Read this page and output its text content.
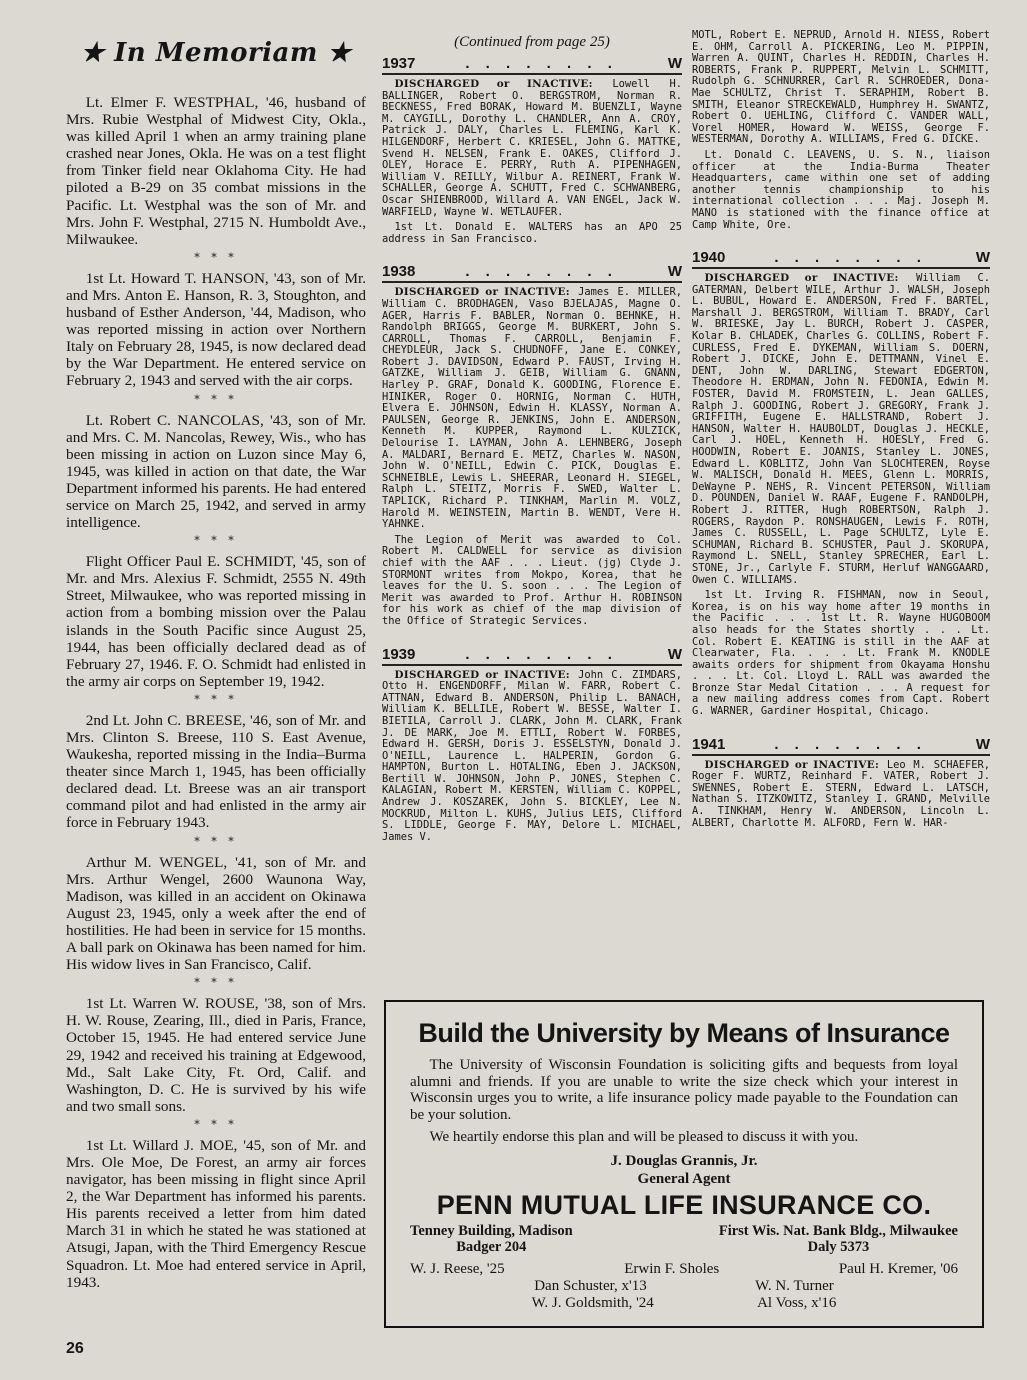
★ In Memoriam ★

Lt. Elmer F. WESTPHAL, '46, husband of Mrs. Rubie Westphal of Midwest City, Okla., was killed April 1 when an army training plane crashed near Jones, Okla. He was on a test flight from Tinker field near Oklahoma City. He had piloted a B-29 on 35 combat missions in the Pacific. Lt. Westphal was the son of Mr. and Mrs. John F. Westphal, 2715 N. Humboldt Ave., Milwaukee.

* * *

1st Lt. Howard T. HANSON, '43, son of Mr. and Mrs. Anton E. Hanson, R. 3, Stoughton, and husband of Esther Anderson, '44, Madison, who was reported missing in action over Northern Italy on February 28, 1945, is now declared dead by the War Department. He entered service on February 2, 1943 and served with the air corps.

* * *

Lt. Robert C. NANCOLAS, '43, son of Mr. and Mrs. C. M. Nancolas, Rewey, Wis., who has been missing in action on Luzon since May 6, 1945, was killed in action on that date, the War Department informed his parents. He had entered service on March 25, 1942, and served in army intelligence.

* * *

Flight Officer Paul E. SCHMIDT, '45, son of Mr. and Mrs. Alexius F. Schmidt, 2555 N. 49th Street, Milwaukee, who was reported missing in action from a bombing mission over the Palau islands in the South Pacific since August 25, 1944, has been officially declared dead as of February 27, 1946. F. O. Schmidt had enlisted in the army air corps on September 19, 1942.

* * *

2nd Lt. John C. BREESE, '46, son of Mr. and Mrs. Clinton S. Breese, 110 S. East Avenue, Waukesha, reported missing in the India–Burma theater since March 1, 1945, has been officially declared dead. Lt. Breese was an air transport command pilot and had enlisted in the army air force in February 1943.

* * *

Arthur M. WENGEL, '41, son of Mr. and Mrs. Arthur Wengel, 2600 Waunona Way, Madison, was killed in an accident on Okinawa August 23, 1945, only a week after the end of hostilities. He had been in service for 15 months. A ball park on Okinawa has been named for him. His widow lives in San Francisco, Calif.

* * *

1st Lt. Warren W. ROUSE, '38, son of Mrs. H. W. Rouse, Zearing, Ill., died in Paris, France, October 15, 1945. He had entered service June 29, 1942 and received his training at Edgewood, Md., Salt Lake City, Ft. Ord, Calif. and Washington, D. C. He is survived by his wife and two small sons.

* * *

1st Lt. Willard J. MOE, '45, son of Mr. and Mrs. Ole Moe, De Forest, an army air forces navigator, has been missing in flight since April 2, the War Department has informed his parents. His parents received a letter from him dated March 31 in which he stated he was stationed at Atsugi, Japan, with the Third Emergency Rescue Squadron. Lt. Moe had entered service in April, 1943.

(Continued from page 25)
1937	. . . . . . . .	W

DISCHARGED or INACTIVE: Lowell H. BALLINGER, Robert O. BERGSTROM, Norman R. BECKNESS, Fred BORAK, Howard M. BUENZLI, Wayne M. CAYGILL, Dorothy L. CHANDLER, Ann A. CROY, Patrick J. DALY, Charles L. FLEMING, Karl K. HILGENDORF, Herbert C. KRIESEL, John G. MATTKE, Svend H. NELSEN, Frank E. OAKES, Clifford J. OLEY, Horace E. PERRY, Ruth A. PIPENHAGEN, William V. REILLY, Wilbur A. REINERT, Frank W. SCHALLER, George A. SCHUTT, Fred C. SCHWANBERG, Oscar SHIENBROOD, Willard A. VAN ENGEL, Jack W. WARFIELD, Wayne W. WETLAUFER.

1st Lt. Donald E. WALTERS has an APO 25 address in San Francisco.

1938	. . . . . . . .	W

DISCHARGED or INACTIVE: James E. MILLER, William C. BRODHAGEN, Vaso BJELAJAS, Magne O. AGER, Harris F. BABLER, Norman O. BEHNKE, H. Randolph BRIGGS, George M. BURKERT, John S. CARROLL, Thomas F. CARROLL, Benjamin F. CHEYDLEUR, Jack S. CHUDNOFF, Jane E. CONKEY, Robert J. DAVIDSON, Edward P. FAUST, Irving H. GATZKE, William J. GEIB, William G. GNANN, Harley P. GRAF, Donald K. GOODING, Florence E. HINIKER, Roger O. HORNIG, Norman C. HUTH, Elvera E. JOHNSON, Edwin H. KLASSY, Norman A. PAULSEN, George R. JENKINS, John E. ANDERSON, Kenneth M. KUPPER, Raymond L. KULZICK, Delourise I. LAYMAN, John A. LEHNBERG, Joseph A. MALDARI, Bernard E. METZ, Charles W. NASON, John W. O'NEILL, Edwin C. PICK, Douglas E. SCHNEIBLE, Lewis L. SHEERAR, Leonard H. SIEGEL, Ralph L. STEITZ, Morris F. SWED, Walter L. TAPLICK, Richard P. TINKHAM, Marlin M. VOLZ, Harold M. WEINSTEIN, Martin B. WENDT, Vere H. YAHNKE.

The Legion of Merit was awarded to Col. Robert M. CALDWELL for service as division chief with the AAF . . . Lieut. (jg) Clyde J. STORMONT writes from Mokpo, Korea, that he leaves for the U. S. soon . . . The Legion of Merit was awarded to Prof. Arthur H. ROBINSON for his work as chief of the map division of the Office of Strategic Services.

1939	. . . . . . . .	W

DISCHARGED or INACTIVE: John C. ZIMDARS, Otto H. ENGENDORFF, Milan W. FARR, Robert C. ATTNAN, Edward B. ANDERSON, Philip L. BANACH, William K. BELLILE, Robert W. BESSE, Walter I. BIETILA, Carroll J. CLARK, John M. CLARK, Frank J. DE MARK, Joe M. ETTLI, Robert W. FORBES, Edward H. GERSH, Doris J. ESSELSTYN, Donald J. O'NEILL, Laurence L. HALPERIN, Gordon G. HAMPTON, Burton L. HOTALING, Eben J. JACKSON, Bertill W. JOHNSON, John P. JONES, Stephen C. KALAGIAN, Robert M. KERSTEN, William C. KOPPEL, Andrew J. KOSZAREK, John S. BICKLEY, Lee N. MOCKRUD, Milton L. KUHS, Julius LEIS, Clifford S. LIDDLE, George F. MAY, Delore L. MICHAEL, James V.

MOTL, Robert E. NEPRUD, Arnold H. NIESS, Robert E. OHM, Carroll A. PICKERING, Leo M. PIPPIN, Warren A. QUINT, Charles H. REDDIN, Charles H. ROBERTS, Frank P. RUPPERT, Melvin L. SCHMITT, Rudolph G. SCHNURRER, Carl R. SCHROEDER, Dona-Mae SCHULTZ, Christ T. SERAPHIM, Robert B. SMITH, Eleanor STRECKEWALD, Humphrey H. SWANTZ, Robert O. UEHLING, Clifford C. VANDER WALL, Vorel HOMER, Howard W. WEISS, George F. WESTERMAN, Dorothy A. WILLIAMS, Fred G. DICKE.

Lt. Donald C. LEAVENS, U. S. N., liaison officer at the India-Burma Theater Headquarters, came within one set of adding another tennis championship to his international collection . . . Maj. Joseph M. MANO is stationed with the finance office at Camp White, Ore.

1940	. . . . . . . .	W

DISCHARGED or INACTIVE: William C. GATERMAN, Delbert WILE, Arthur J. WALSH, Joseph L. BUBUL, Howard E. ANDERSON, Fred F. BARTEL, Marshall J. BERGSTROM, William T. BRADY, Carl W. BRIESKE, Jay L. BURCH, Robert J. CASPER, Kolar B. CHLADEK, Charles G. COLLINS, Robert F. CURLESS, Fred E. DYKEMAN, William S. DOERN, Robert J. DICKE, John E. DETTMANN, Vinel E. DENT, John W. DARLING, Stewart EDGERTON, Theodore H. ERDMAN, John N. FEDONIA, Edwin M. FOSTER, David M. FROMSTEIN, L. Jean GALLES, Ralph J. GOODING, Robert J. GREGORY, Frank J. GRIFFITH, Eugene E. HALLSTRAND, Robert J. HANSON, Walter H. HAUBOLDT, Douglas J. HECKLE, Carl J. HOEL, Kenneth H. HOESLY, Fred G. HOODWIN, Robert E. JOANIS, Stanley L. JONES, Edward L. KOBLITZ, John Van SLOCHTEREN, Royse W. MALISCH, Donald H. MEES, Glenn L. MORRIS, DeWayne P. NEHS, R. Vincent PETERSON, William D. POUNDEN, Daniel W. RAAF, Eugene F. RANDOLPH, Robert J. RITTER, Hugh ROBERTSON, Ralph J. ROGERS, Raydon P. RONSHAUGEN, Lewis F. ROTH, James C. RUSSELL, L. Page SCHULTZ, Lyle E. SCHUMAN, Richard B. SCHUSTER, Paul J. SKORUPA, Raymond L. SNELL, Stanley SPRECHER, Earl L. STONE, Jr., Carlyle F. STURM, Herluf WANGGAARD, Owen C. WILLIAMS.

1st Lt. Irving R. FISHMAN, now in Seoul, Korea, is on his way home after 19 months in the Pacific . . . 1st Lt. R. Wayne HUGOBOOM also heads for the States shortly . . . Lt. Col. Robert E. KEATING is still in the AAF at Clearwater, Fla. . . . Lt. Frank M. KNODLE awaits orders for shipment from Okayama Honshu . . . Lt. Col. Lloyd L. RALL was awarded the Bronze Star Medal Citation . . . A request for a new mailing address comes from Capt. Robert G. WARNER, Gardiner Hospital, Chicago.

1941	. . . . . . . .	W

DISCHARGED or INACTIVE: Leo M. SCHAEFER, Roger F. WURTZ, Reinhard F. VATER, Robert J. SWENNES, Robert E. STERN, Edward L. LATSCH, Nathan S. ITZKOWITZ, Stanley I. GRAND, Melville A. TINKHAM, Henry W. ANDERSON, Lincoln L. ALBERT, Charlotte M. ALFORD, Fern W. HAR-

Build the University by Means of Insurance

The University of Wisconsin Foundation is soliciting gifts and bequests from loyal alumni and friends. If you are unable to write the size check which your interest in Wisconsin urges you to write, a life insurance policy made payable to the Foundation can be your solution.

We heartily endorse this plan and will be pleased to discuss it with you.

J. Douglas Grannis, Jr.
General Agent
PENN MUTUAL LIFE INSURANCE CO.
Tenney Building, Madison
Badger 204
First Wis. Nat. Bank Bldg., Milwaukee
Daly 5373
W. J. Reese, '25	Erwin F. Sholes	Paul H. Kremer, '06
Dan Schuster, x'13	W. N. Turner
W. J. Goldsmith, '24	Al Voss, x'16
26
